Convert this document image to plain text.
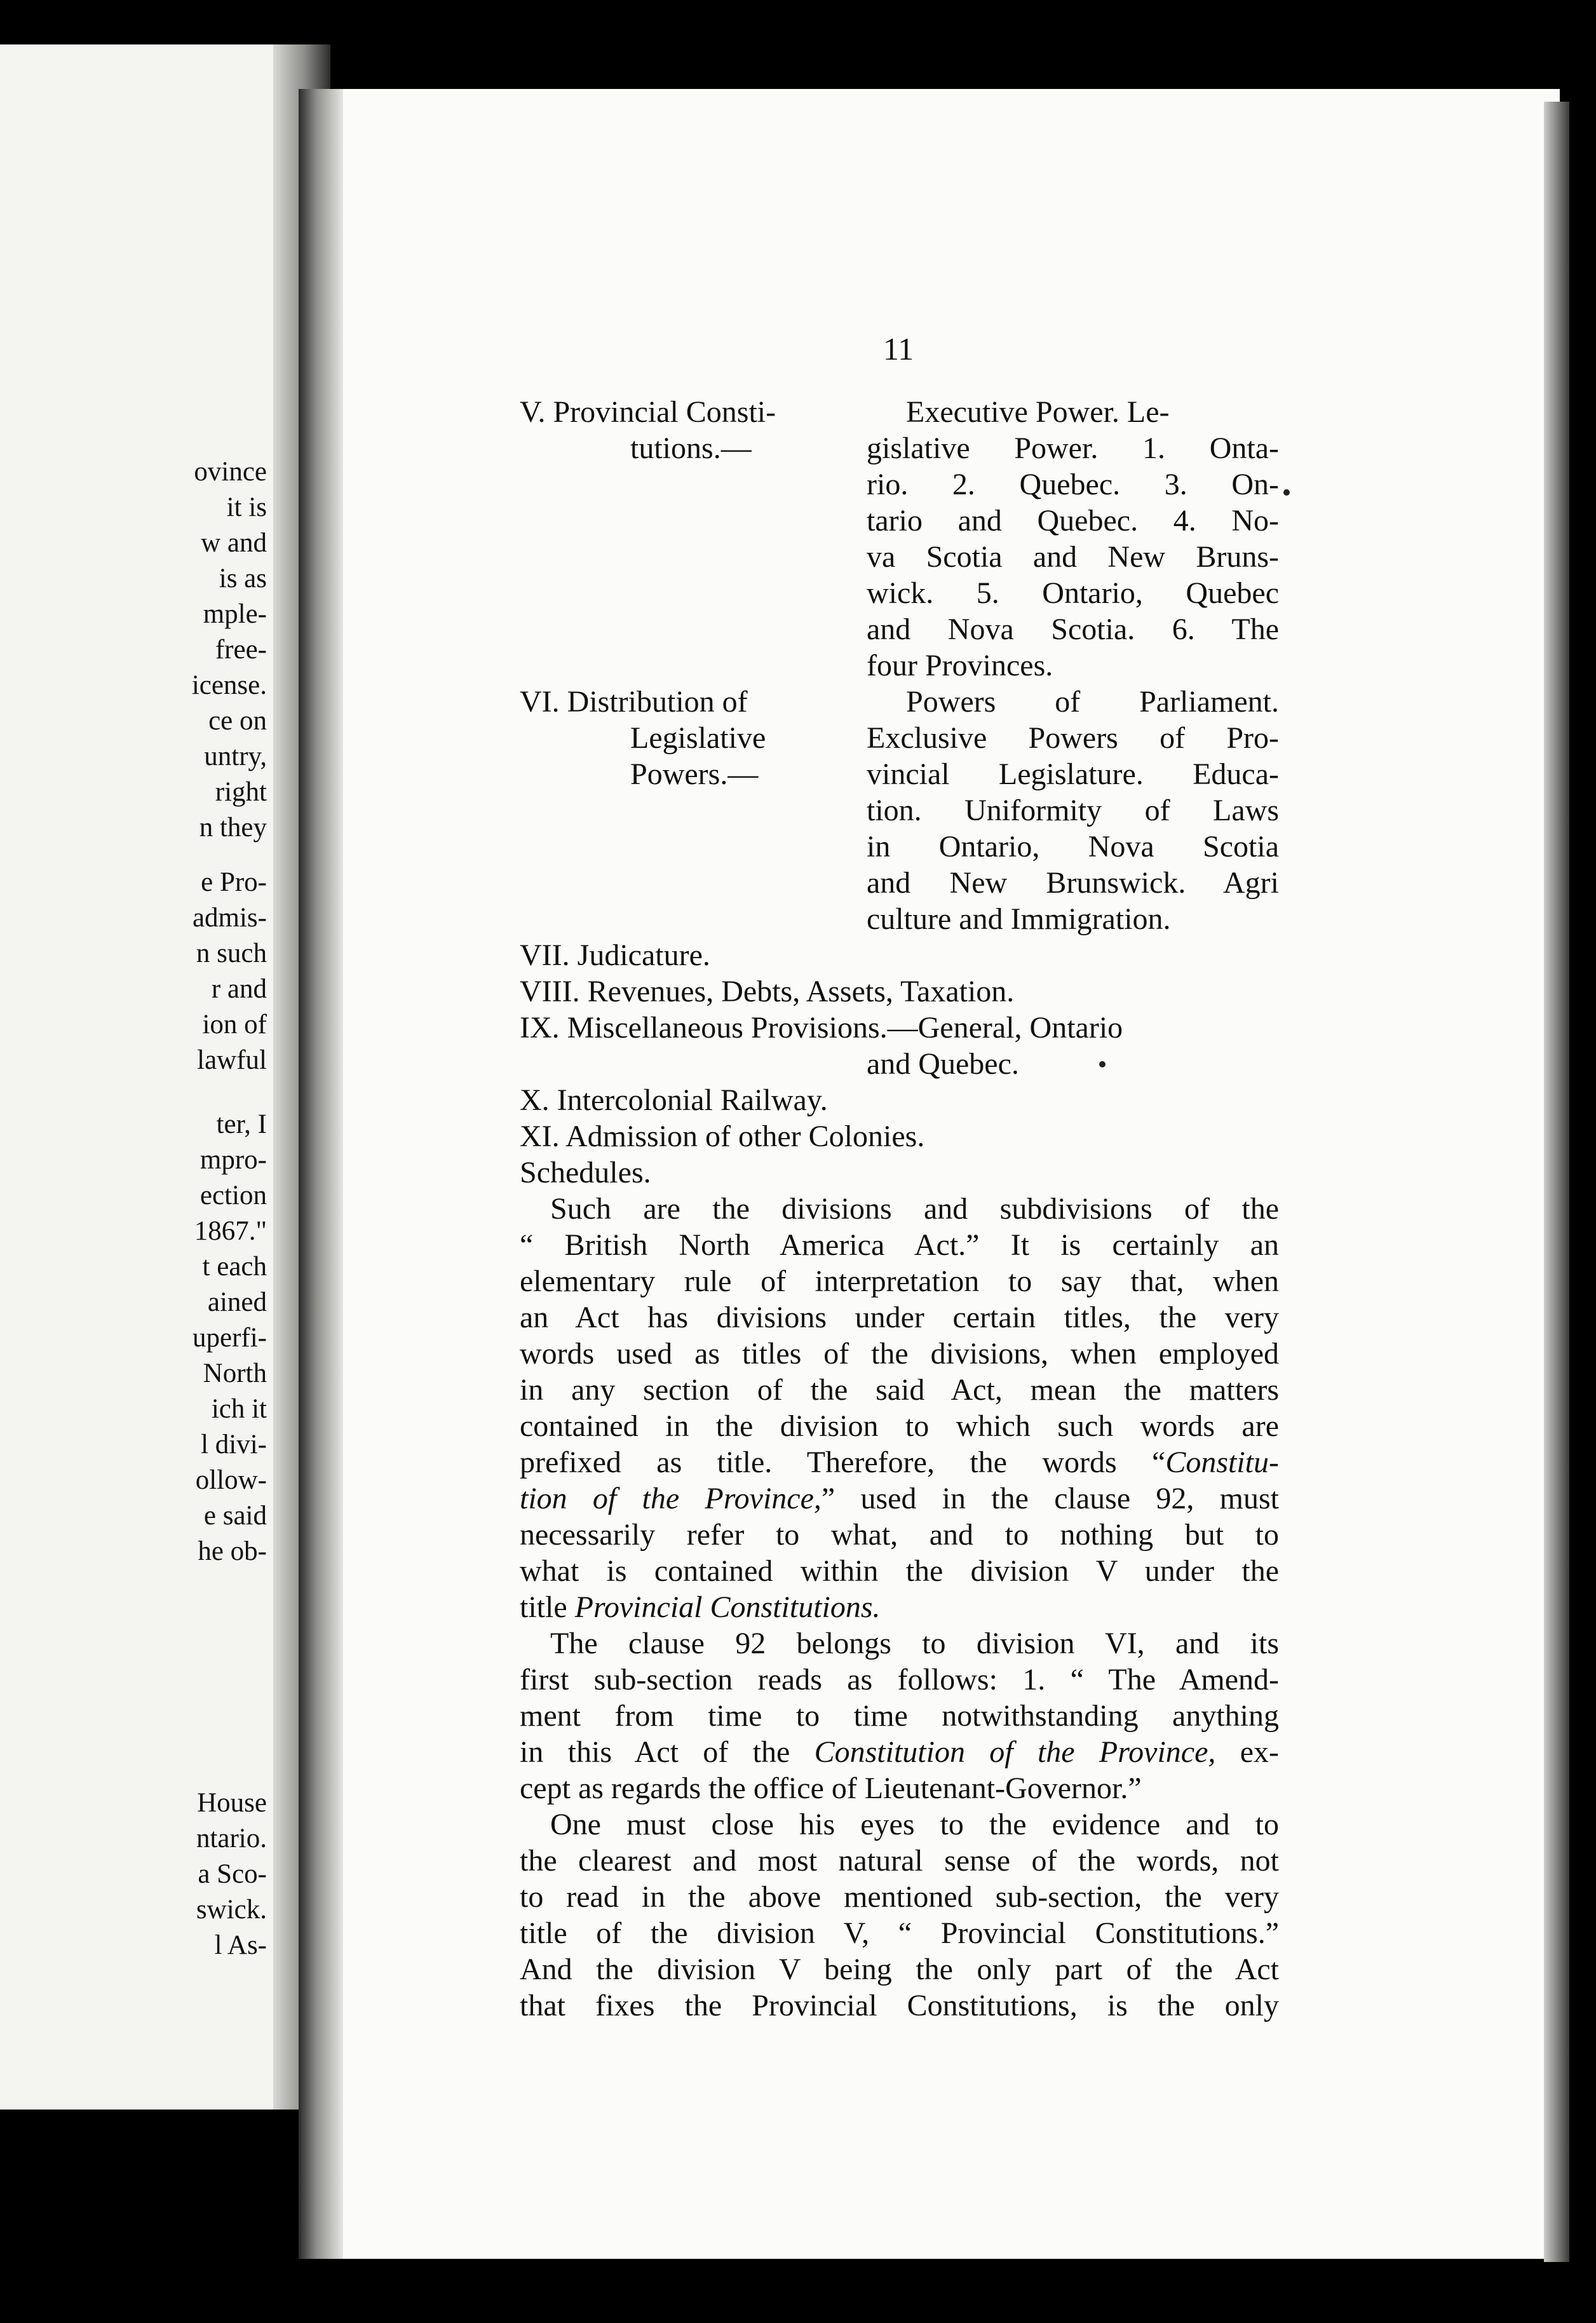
ovince
it is
w and
is as
mple-
free-
icense.
ce on
untry,
right
n they
e Pro-
admis-
n such
r and
ion of
lawful
ter, I
mpro-
ection
1867."
t each
ained
uperfi-
North
ich it
l divi-
ollow-
e said
he ob-
House
ntario.
a Sco-
swick.
l As-
11
V. Provincial Consti-
tutions.—
Executive Power. Le-
gislative Power. 1. Onta-
rio. 2. Quebec. 3. On-
tario and Quebec. 4. No-
va Scotia and New Bruns-
wick. 5. Ontario, Quebec
and Nova Scotia. 6. The
four Provinces.
VI. Distribution of
Legislative
Powers.—
Powers of Parliament.
Exclusive Powers of Pro-
vincial Legislature. Educa-
tion. Uniformity of Laws
in Ontario, Nova Scotia
and New Brunswick. Agri
culture and Immigration.
VII. Judicature.
VIII. Revenues, Debts, Assets, Taxation.
IX. Miscellaneous Provisions.—General, Ontario
and Quebec.
X. Intercolonial Railway.
XI. Admission of other Colonies.
Schedules.
Such are the divisions and subdivisions of the
“ British North America Act.” It is certainly an
elementary rule of interpretation to say that, when
an Act has divisions under certain titles, the very
words used as titles of the divisions, when employed
in any section of the said Act, mean the matters
contained in the division to which such words are
prefixed as title. Therefore, the words “Constitu-
tion of the Province,” used in the clause 92, must
necessarily refer to what, and to nothing but to
what is contained within the division V under the
title Provincial Constitutions.
The clause 92 belongs to division VI, and its
first sub-section reads as follows: 1. “ The Amend-
ment from time to time notwithstanding anything
in this Act of the Constitution of the Province, ex-
cept as regards the office of Lieutenant-Governor.”
One must close his eyes to the evidence and to
the clearest and most natural sense of the words, not
to read in the above mentioned sub-section, the very
title of the division V, “ Provincial Constitutions.”
And the division V being the only part of the Act
that fixes the Provincial Constitutions, is the only
